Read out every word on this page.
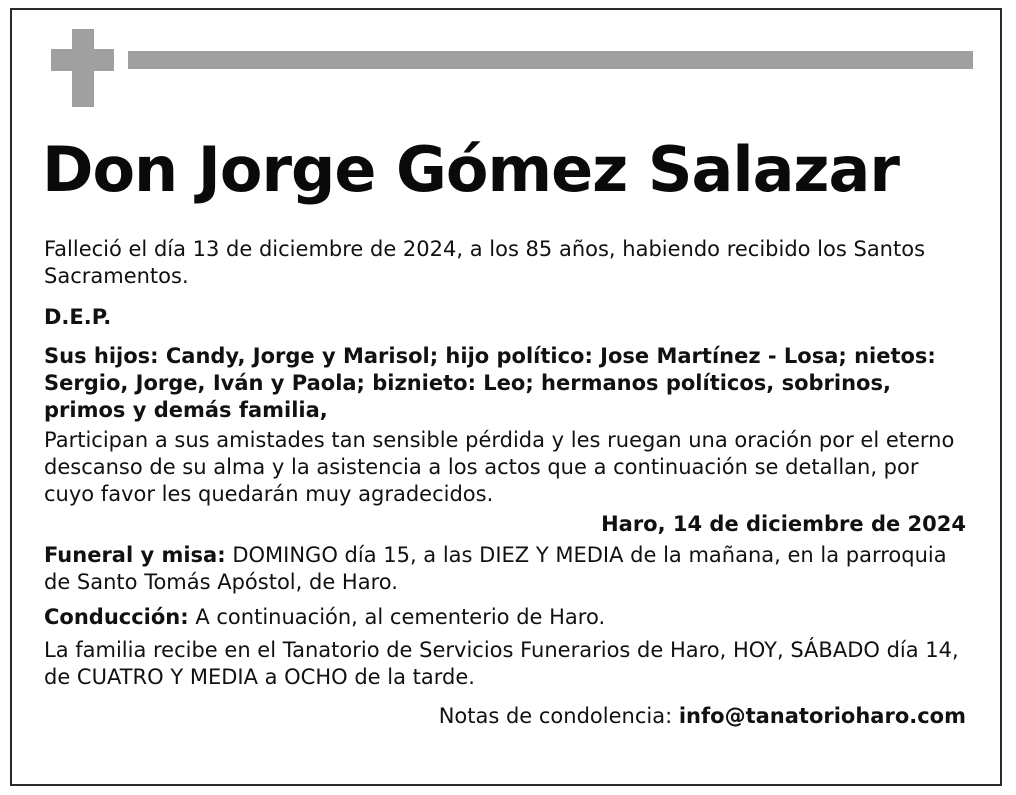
Don Jorge Gómez Salazar

Falleció el día 13 de diciembre de 2024, a los 85 años, habiendo recibido los Santos Sacramentos.

D.E.P.

Sus hijos: Candy, Jorge y Marisol; hijo político: Jose Martínez - Losa; nietos: Sergio, Jorge, Iván y Paola; biznieto: Leo; hermanos políticos, sobrinos, primos y demás familia,

Participan a sus amistades tan sensible pérdida y les ruegan una oración por el eterno descanso de su alma y la asistencia a los actos que a continuación se detallan, por cuyo favor les quedarán muy agradecidos.

Haro, 14 de diciembre de 2024

Funeral y misa: DOMINGO día 15, a las DIEZ Y MEDIA de la mañana, en la parroquia de Santo Tomás Apóstol, de Haro.

Conducción: A continuación, al cementerio de Haro.

La familia recibe en el Tanatorio de Servicios Funerarios de Haro, HOY, SÁBADO día 14, de CUATRO Y MEDIA a OCHO de la tarde.

Notas de condolencia: info@tanatorioharo.com
